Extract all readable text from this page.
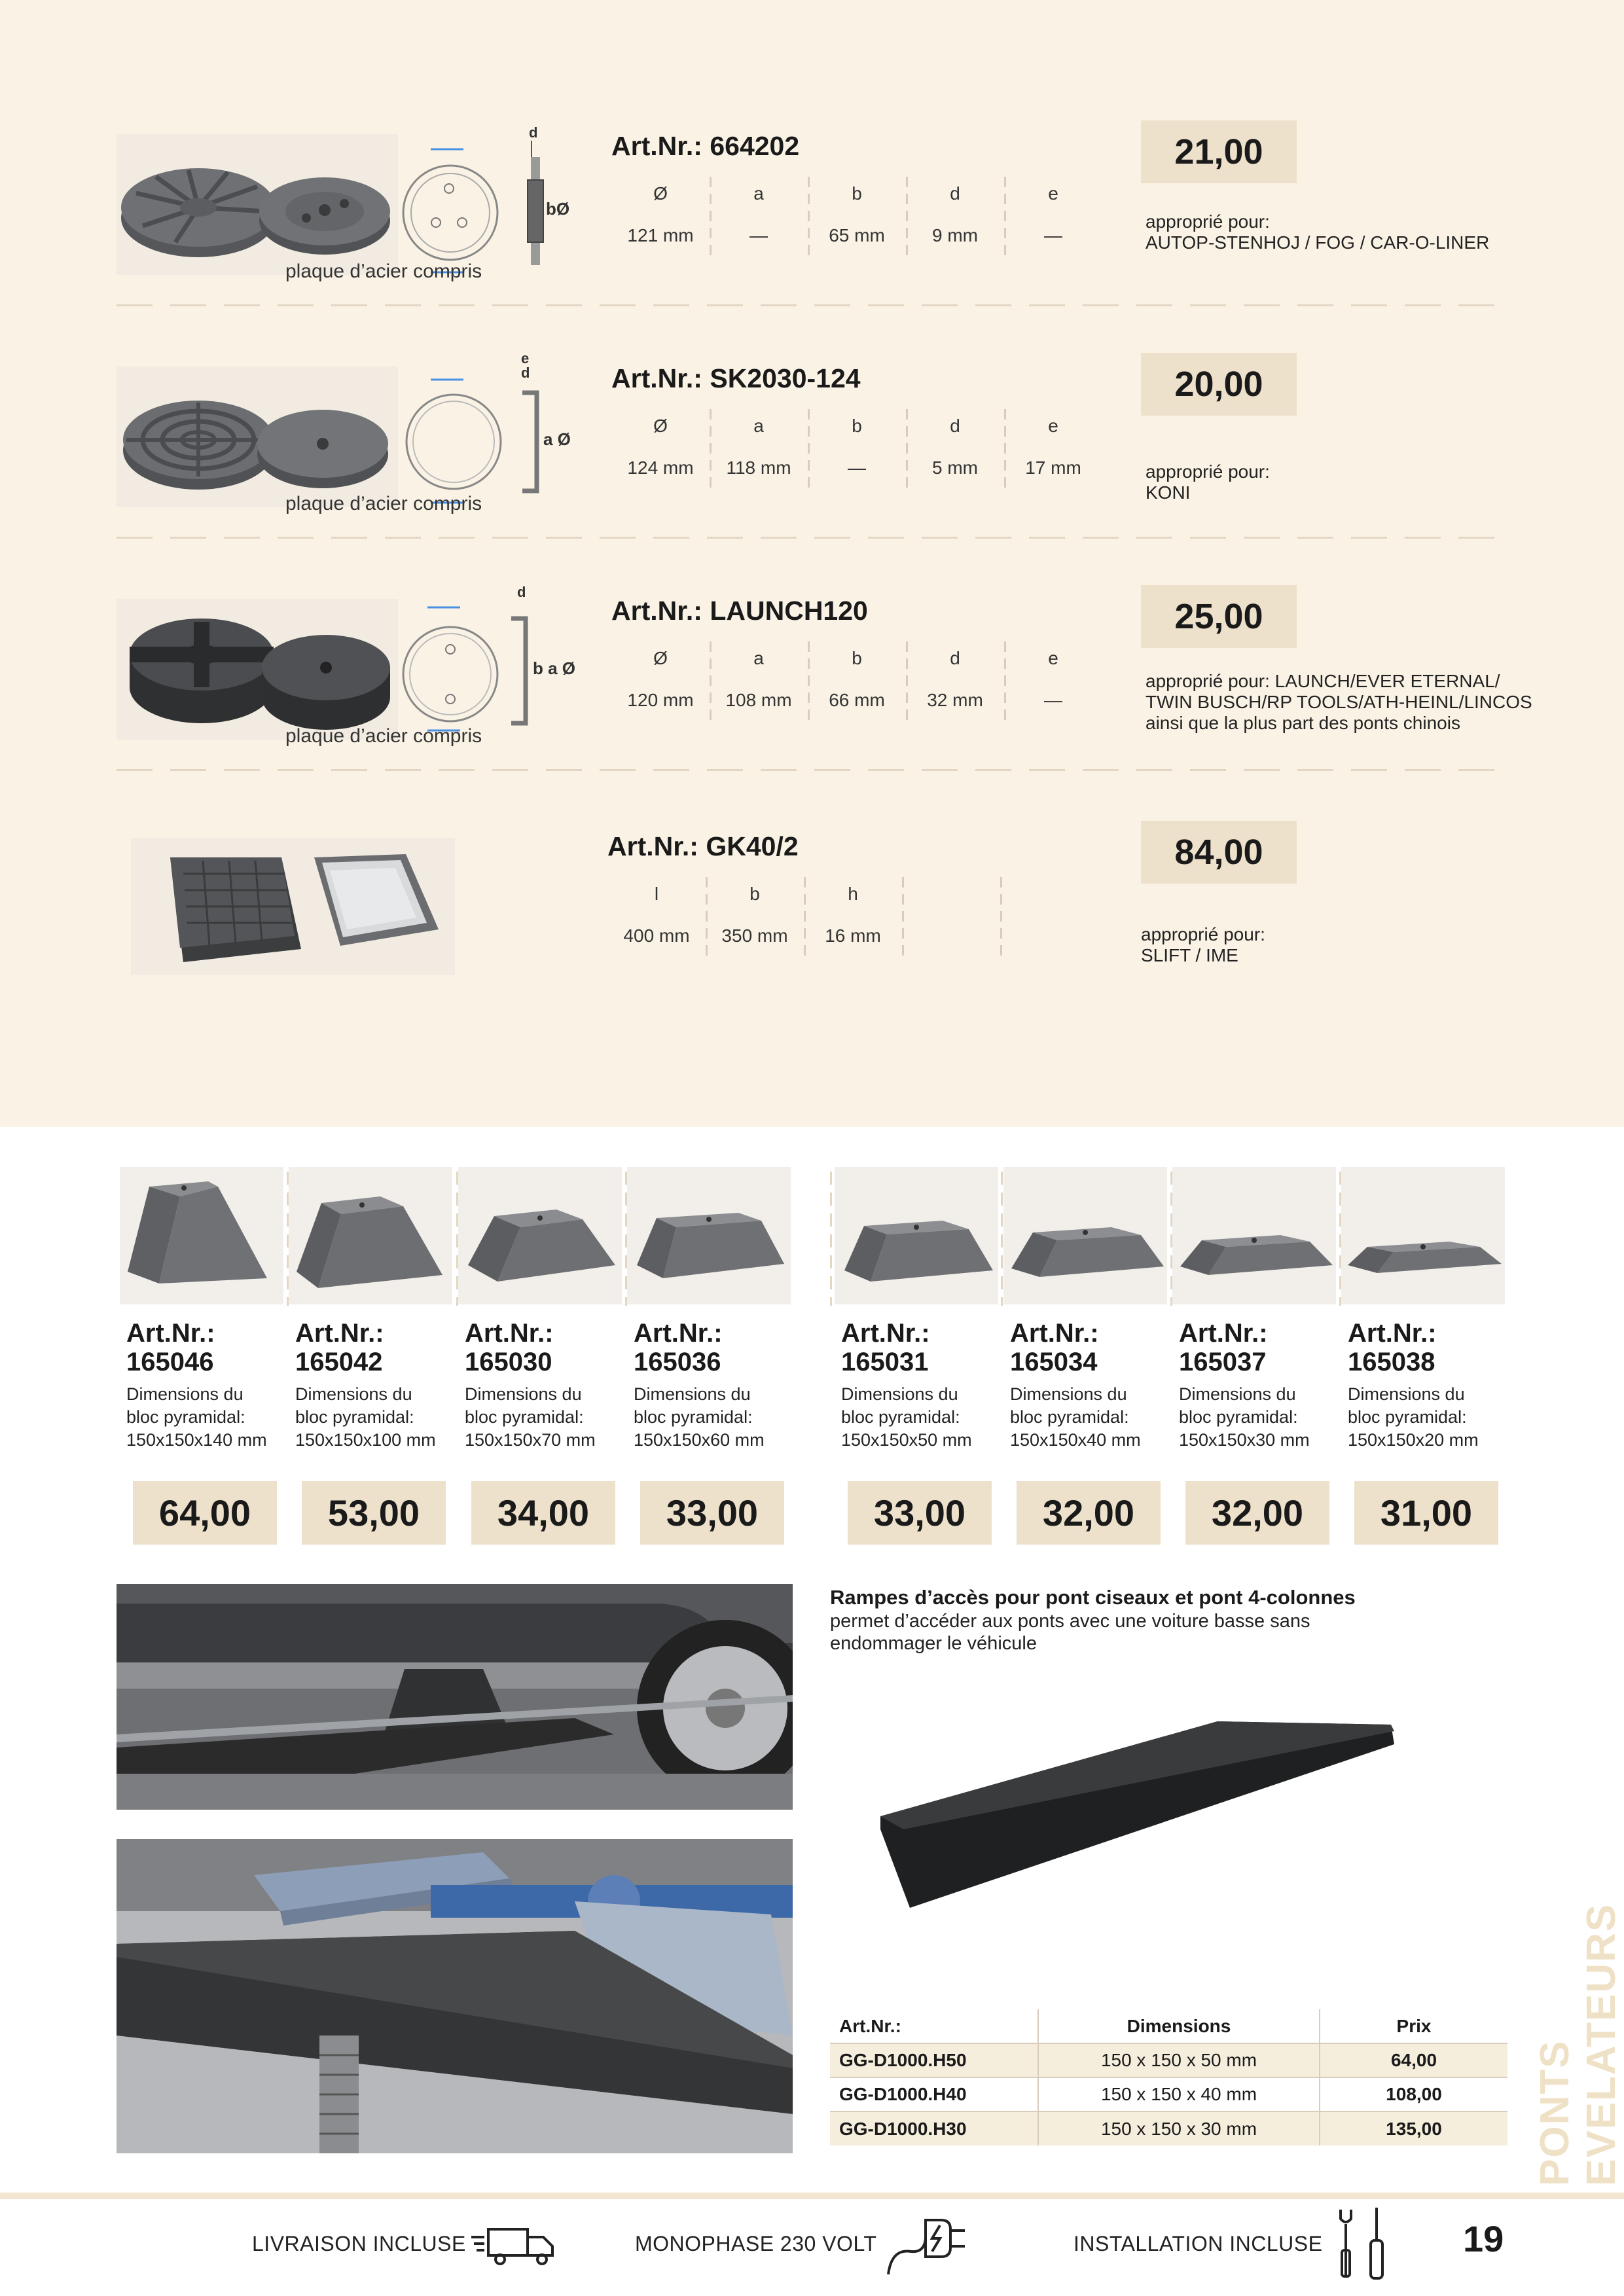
d
bØ
plaque d’acier compris
Art.Nr.: 664202
Ø	a	b	d	e
121 mm	—	65 mm	9 mm	—
21,00
approprié pour:
AUTOP-STENHOJ / FOG / CAR-O-LINER
e
d
a Ø
plaque d’acier compris
Art.Nr.: SK2030-124
Ø	a	b	d	e
124 mm	118 mm	—	5 mm	17 mm
20,00
approprié pour:
KONI
d
b a Ø
plaque d’acier compris
Art.Nr.: LAUNCH120
Ø	a	b	d	e
120 mm	108 mm	66 mm	32 mm	—
25,00
approprié pour: LAUNCH/EVER ETERNAL/
TWIN BUSCH/RP TOOLS/ATH-HEINL/LINCOS
ainsi que la plus part des ponts chinois
Art.Nr.: GK40/2
l	b	h
400 mm	350 mm	16 mm
84,00
approprié pour:
SLIFT / IME
Art.Nr.:
165046
Dimensions du
bloc pyramidal:
150x150x140 mm
64,00
Art.Nr.:
165042
Dimensions du
bloc pyramidal:
150x150x100 mm
53,00
Art.Nr.:
165030
Dimensions du
bloc pyramidal:
150x150x70 mm
34,00
Art.Nr.:
165036
Dimensions du
bloc pyramidal:
150x150x60 mm
33,00
Art.Nr.:
165031
Dimensions du
bloc pyramidal:
150x150x50 mm
33,00
Art.Nr.:
165034
Dimensions du
bloc pyramidal:
150x150x40 mm
32,00
Art.Nr.:
165037
Dimensions du
bloc pyramidal:
150x150x30 mm
32,00
Art.Nr.:
165038
Dimensions du
bloc pyramidal:
150x150x20 mm
31,00
Rampes d’accès pour pont ciseaux et pont 4-colonnes
permet d’accéder aux ponts avec une voiture basse sans endommager le véhicule
Art.Nr.:	Dimensions	Prix
GG-D1000.H50	150 x 150 x 50 mm	64,00
GG-D1000.H40	150 x 150 x 40 mm	108,00
GG-D1000.H30	150 x 150 x 30 mm	135,00 PONTS EVELATEURS
LIVRAISON INCLUSE	MONOPHASE 230 VOLT	INSTALLATION INCLUSE	19
